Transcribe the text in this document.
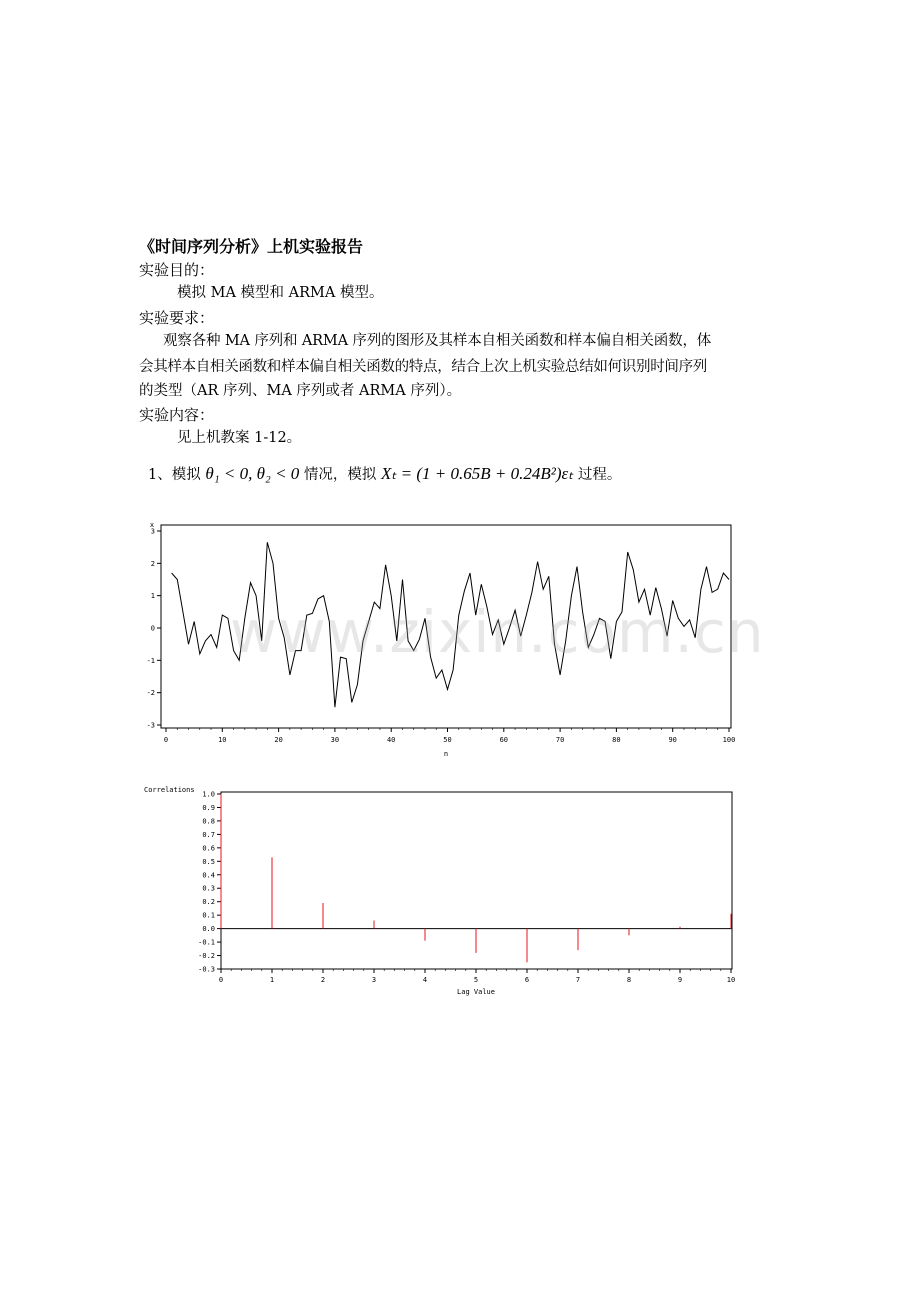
《时间序列分析》上机实验报告
实验目的：
模拟 MA 模型和 ARMA 模型。
实验要求：
观察各种 MA 序列和 ARMA 序列的图形及其样本自相关函数和样本偏自相关函数，体
会其样本自相关函数和样本偏自相关函数的特点，结合上次上机实验总结如何识别时间序列
的类型（AR 序列、MA 序列或者 ARMA 序列）。
实验内容：
见上机教案 1-12。
1、模拟 θ₁ < 0, θ₂ < 0 情况，模拟 Xₜ = (1 + 0.65B + 0.24B²)εₜ 过程。
0	10	20	30	40	50	60	70	80	90	100
-3
-2
-1
0
1
2
3
x
n
-0.3
-0.2
-0.1
0.0
0.1
0.2
0.3
0.4
0.5
0.6
0.7
0.8
0.9
1.0
0	1	2	3	4	5	6	7	8	9	10
Correlations
Lag Value
www.zixin.com.cn
